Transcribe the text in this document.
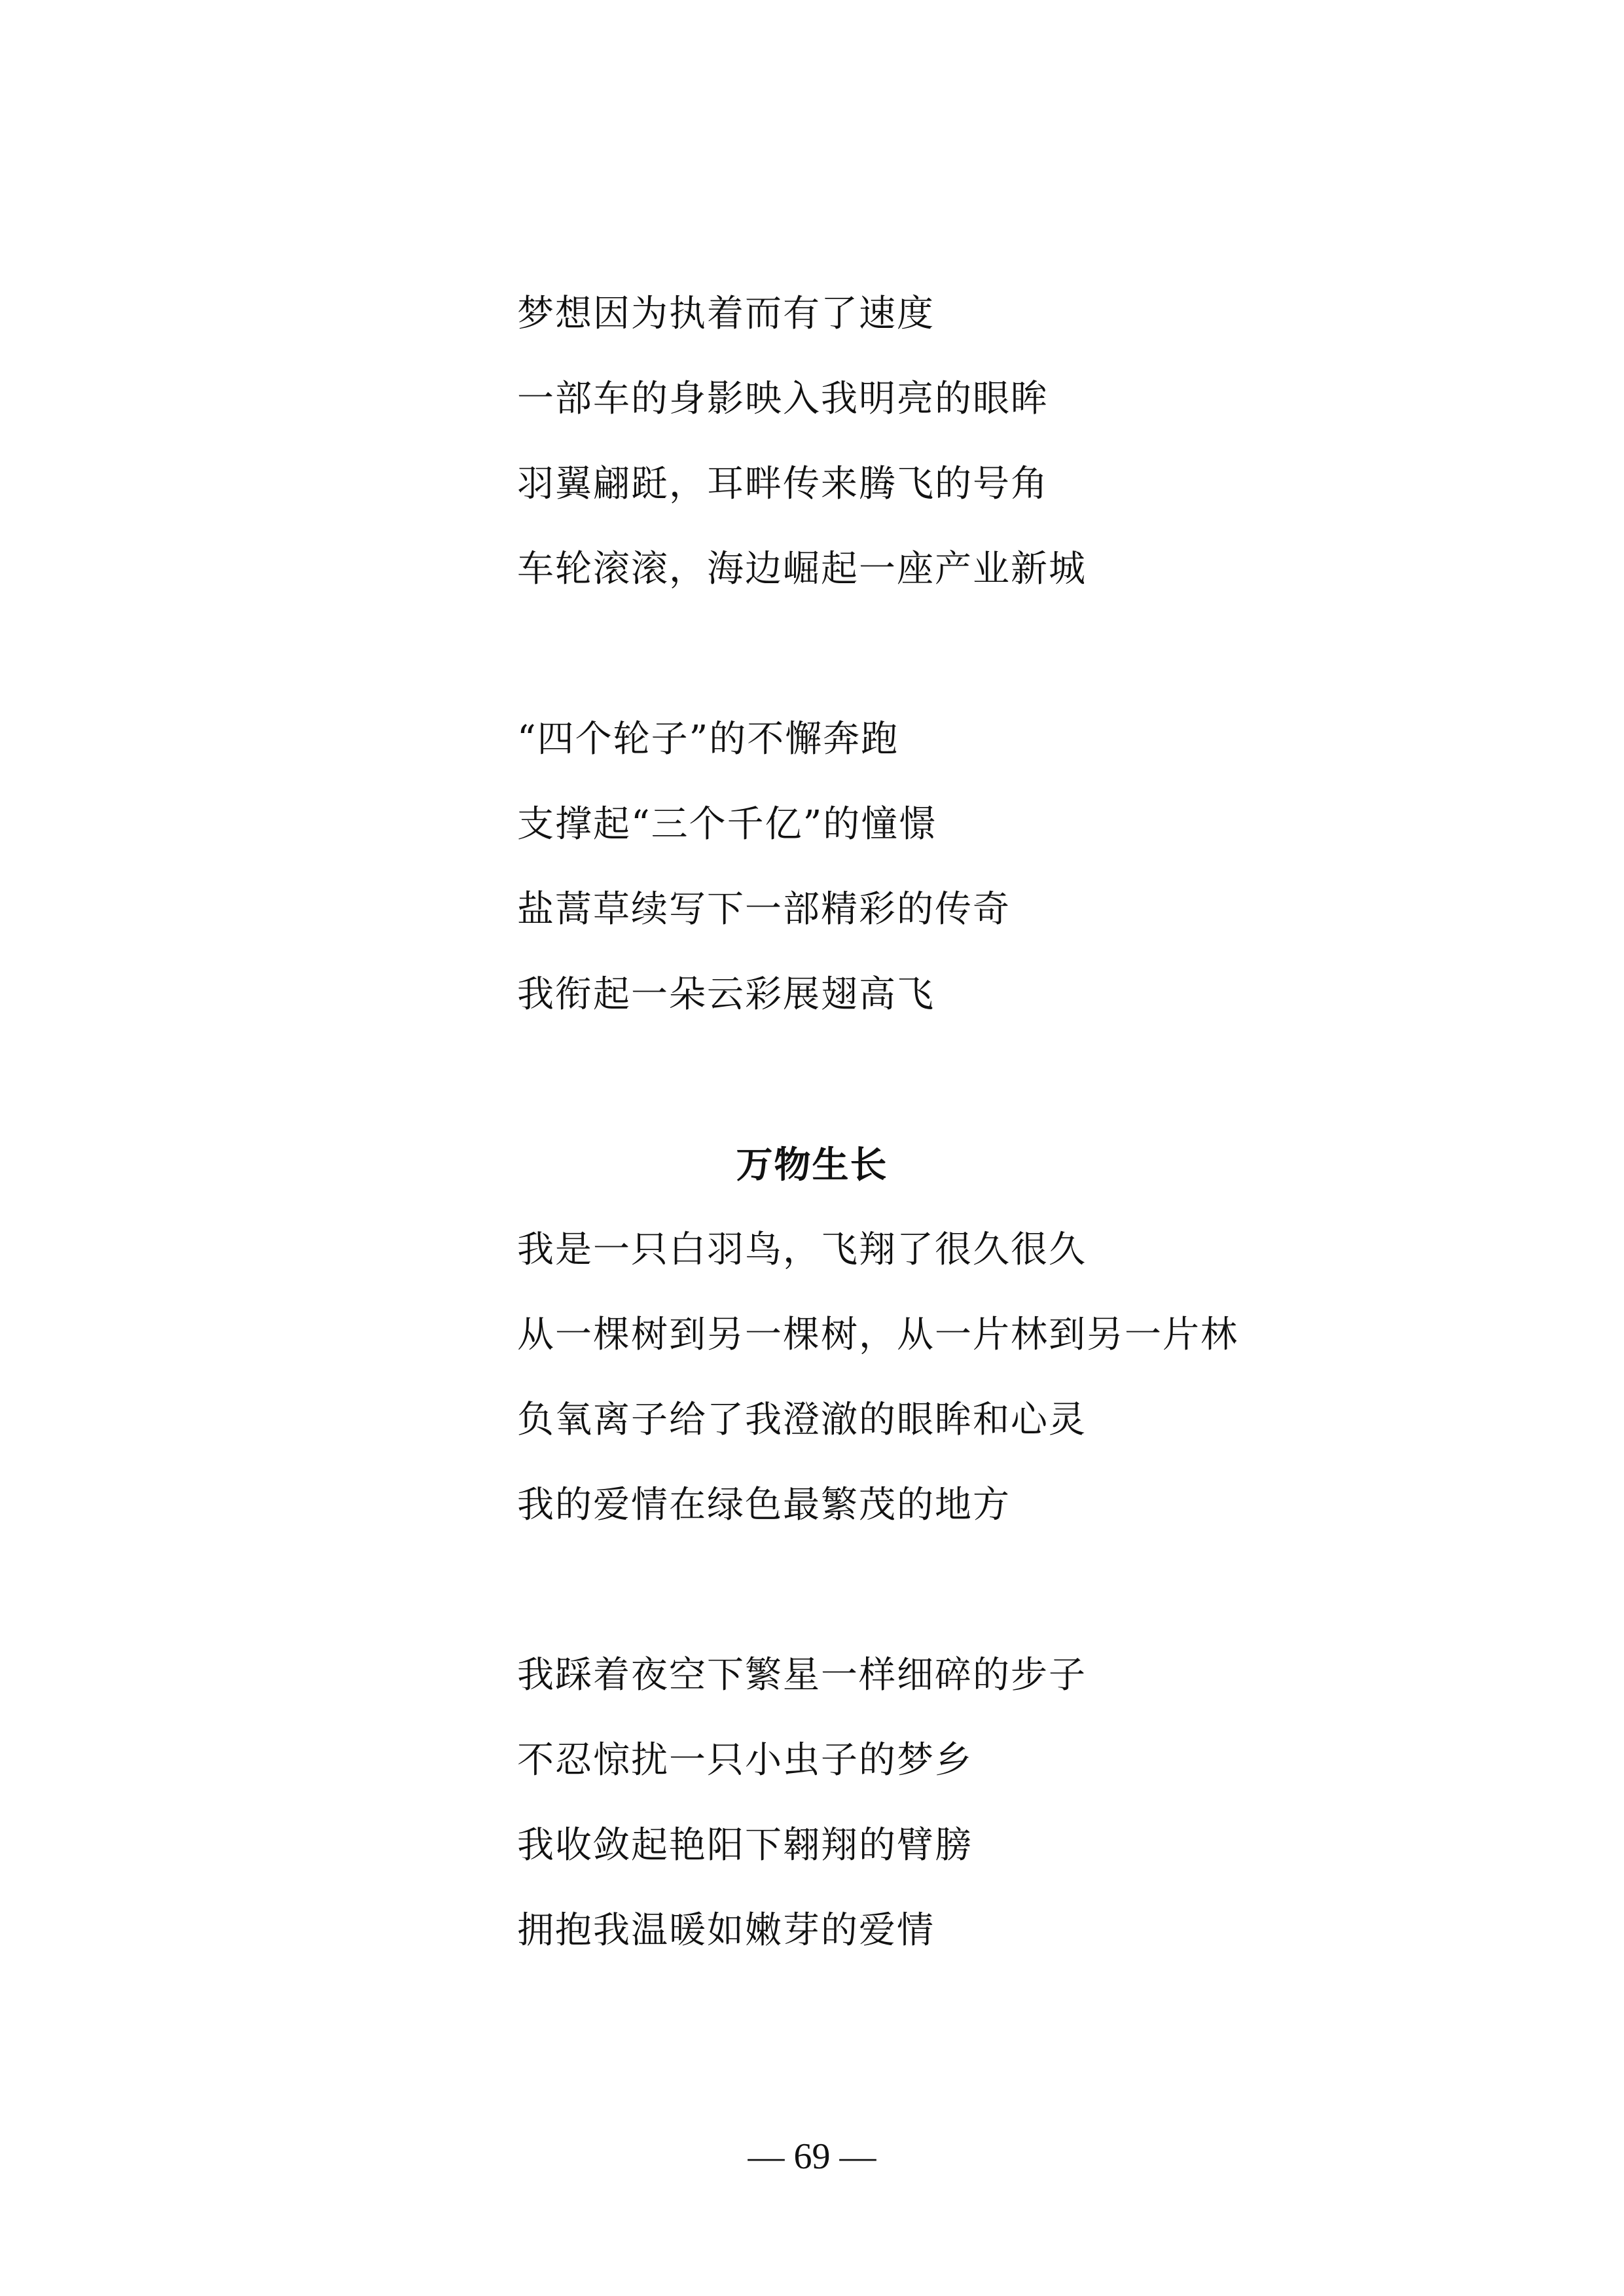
梦想因为执着而有了速度
一部车的身影映入我明亮的眼眸
羽翼翩跹，耳畔传来腾飞的号角
车轮滚滚，海边崛起一座产业新城
“四个轮子”的不懈奔跑
支撑起“三个千亿”的憧憬
盐蒿草续写下一部精彩的传奇
我衔起一朵云彩展翅高飞
万物生长
我是一只白羽鸟，飞翔了很久很久
从一棵树到另一棵树，从一片林到另一片林
负氧离子给了我澄澈的眼眸和心灵
我的爱情在绿色最繁茂的地方
我踩着夜空下繁星一样细碎的步子
不忍惊扰一只小虫子的梦乡
我收敛起艳阳下翱翔的臂膀
拥抱我温暖如嫩芽的爱情
— 69 —
